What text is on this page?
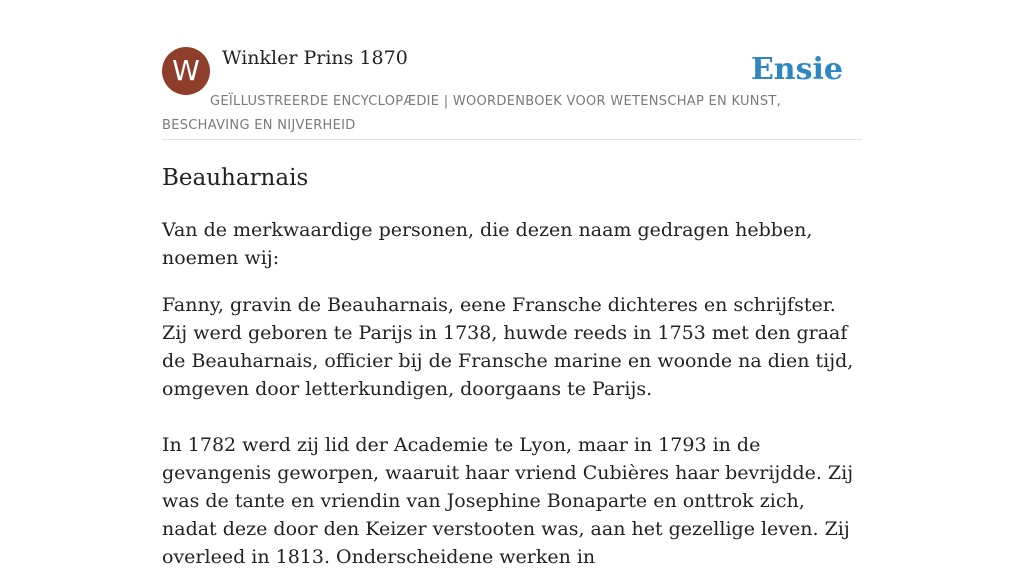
W	Winkler Prins 1870	Ensie
GEÏLLUSTREERDE ENCYCLOPÆDIE | WOORDENBOEK VOOR WETENSCHAP EN KUNST, BESCHAVING EN NIJVERHEID
Beauharnais

Van de merkwaardige personen, die dezen naam gedragen hebben, noemen wij:

Fanny, gravin de Beauharnais, eene Fransche dichteres en schrijfster. Zij werd geboren te Parijs in 1738, huwde reeds in 1753 met den graaf de Beauharnais, officier bij de Fransche marine en woonde na dien tijd, omgeven door letterkundigen, doorgaans te Parijs.

In 1782 werd zij lid der Academie te Lyon, maar in 1793 in de gevangenis geworpen, waaruit haar vriend Cubières haar bevrijdde. Zij was de tante en vriendin van Josephine Bonaparte en onttrok zich, nadat deze door den Keizer verstooten was, aan het gezellige leven. Zij overleed in 1813. Onderscheidene werken in
